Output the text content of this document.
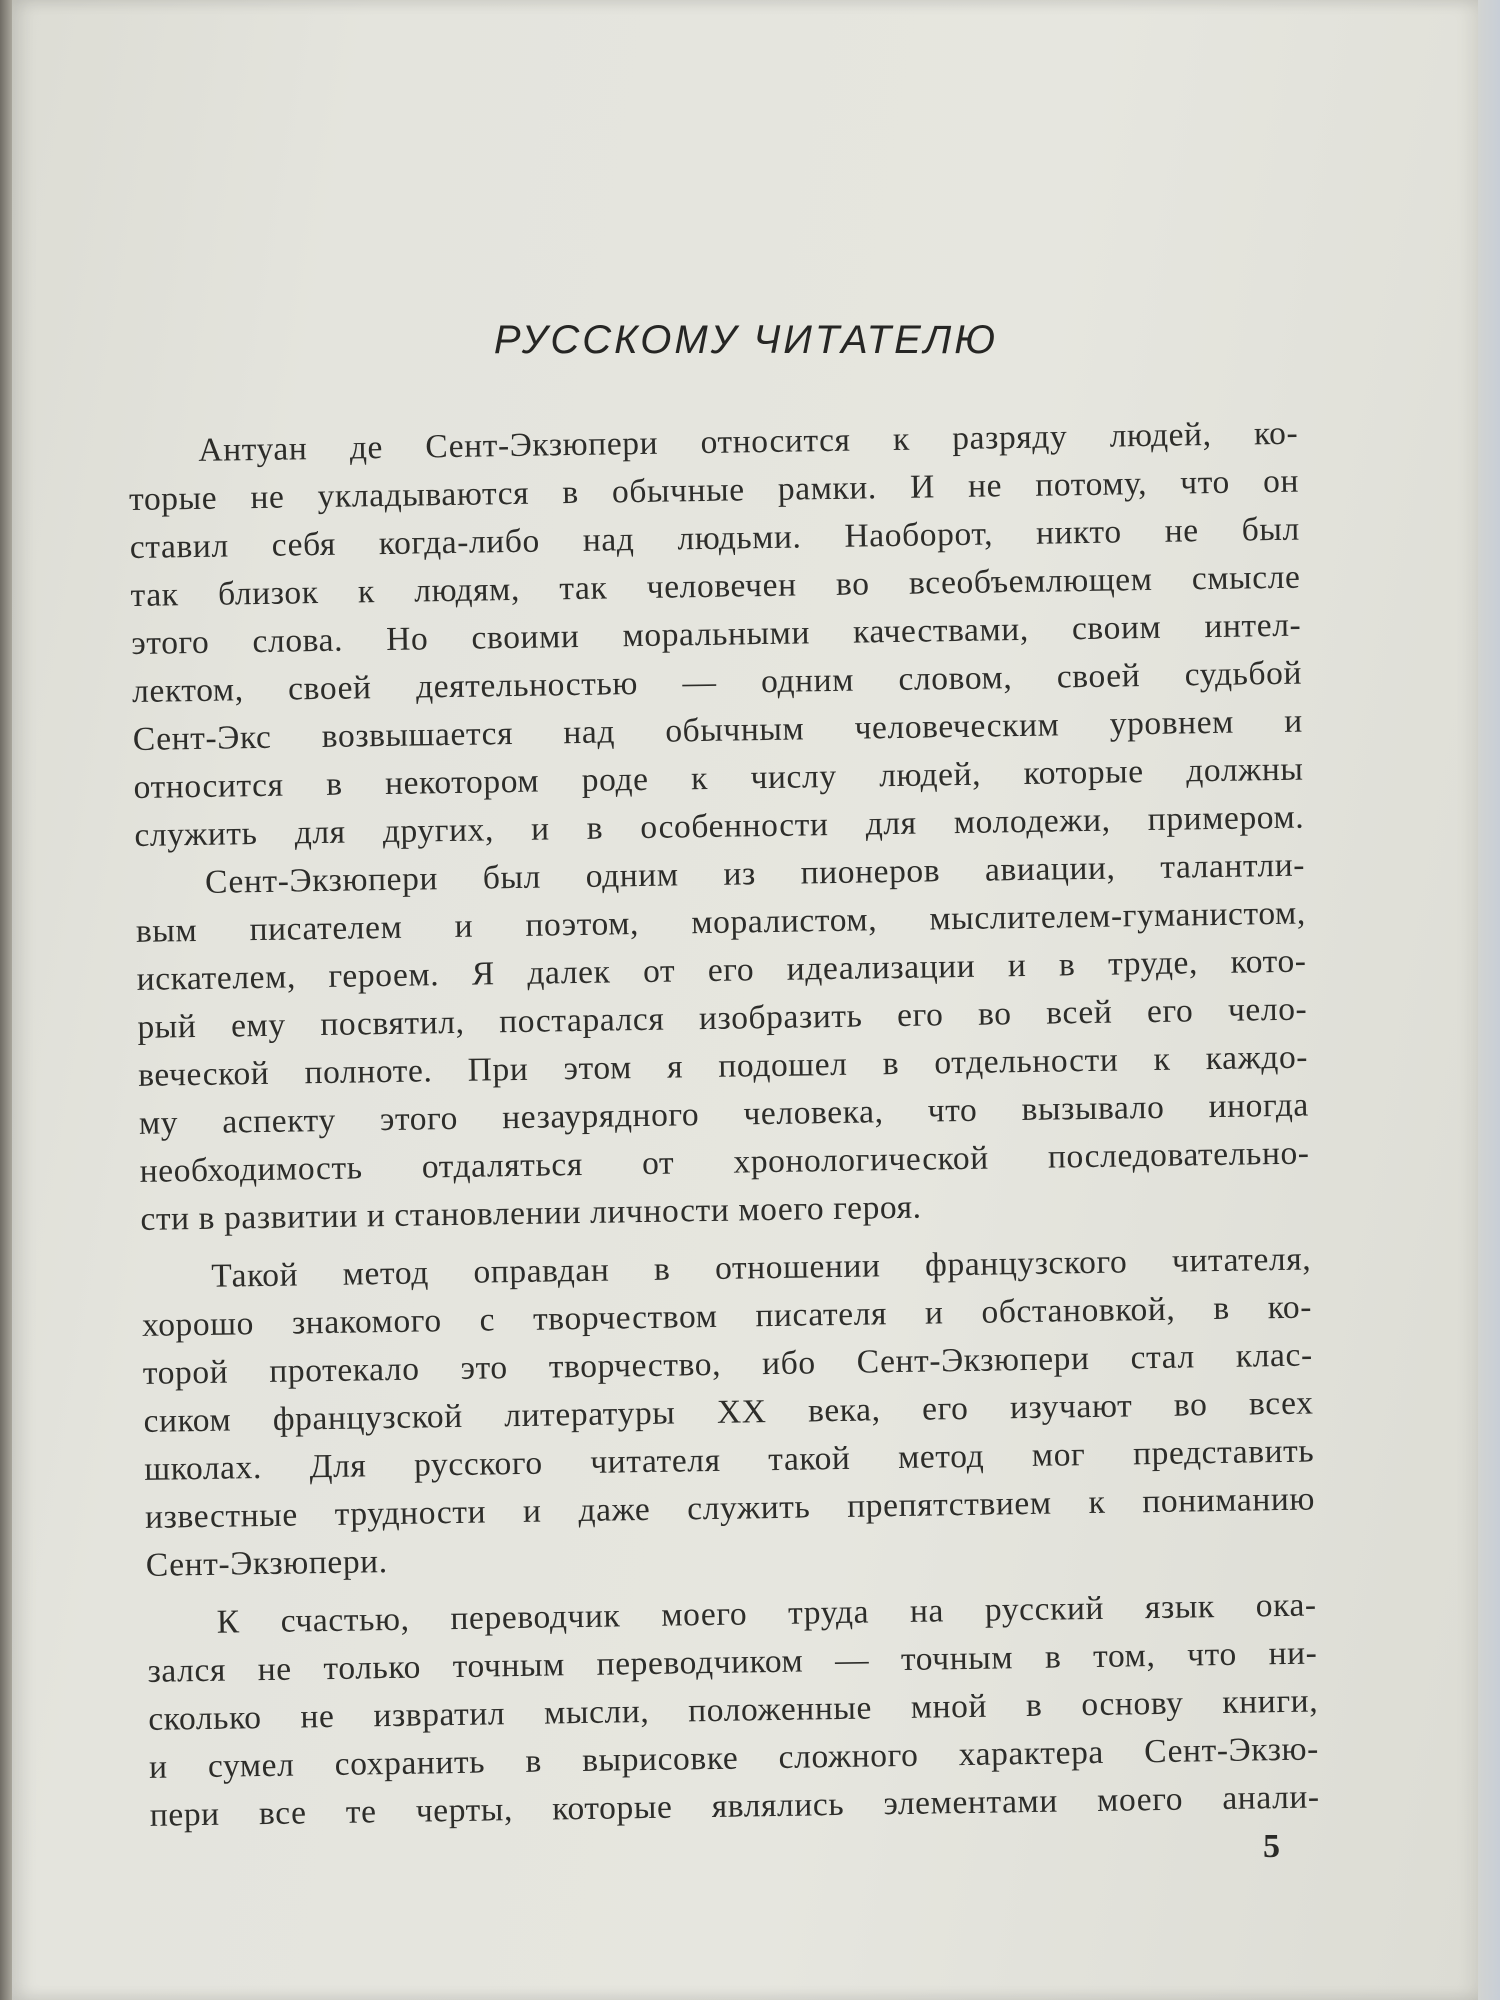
РУССКОМУ ЧИТАТЕЛЮ
Антуан де Сент-Экзюпери относится к разряду людей, ко-
торые не укладываются в обычные рамки. И не потому, что он
ставил себя когда-либо над людьми. Наоборот, никто не был
так близок к людям, так человечен во всеобъемлющем смысле
этого слова. Но своими моральными качествами, своим интел-
лектом, своей деятельностью — одним словом, своей судьбой
Сент-Экс возвышается над обычным человеческим уровнем и
относится в некотором роде к числу людей, которые должны
служить для других, и в особенности для молодежи, примером.
Сент-Экзюпери был одним из пионеров авиации, талантли-
вым писателем и поэтом, моралистом, мыслителем-гуманистом,
искателем, героем. Я далек от его идеализации и в труде, кото-
рый ему посвятил, постарался изобразить его во всей его чело-
веческой полноте. При этом я подошел в отдельности к каждо-
му аспекту этого незаурядного человека, что вызывало иногда
необходимость отдаляться от хронологической последовательно-
сти в развитии и становлении личности моего героя.
Такой метод оправдан в отношении французского читателя,
хорошо знакомого с творчеством писателя и обстановкой, в ко-
торой протекало это творчество, ибо Сент-Экзюпери стал клас-
сиком французской литературы XX века, его изучают во всех
школах. Для русского читателя такой метод мог представить
известные трудности и даже служить препятствием к пониманию
Сент-Экзюпери.
К счастью, переводчик моего труда на русский язык ока-
зался не только точным переводчиком — точным в том, что ни-
сколько не извратил мысли, положенные мной в основу книги,
и сумел сохранить в вырисовке сложного характера Сент-Экзю-
пери все те черты, которые являлись элементами моего анали-
5
